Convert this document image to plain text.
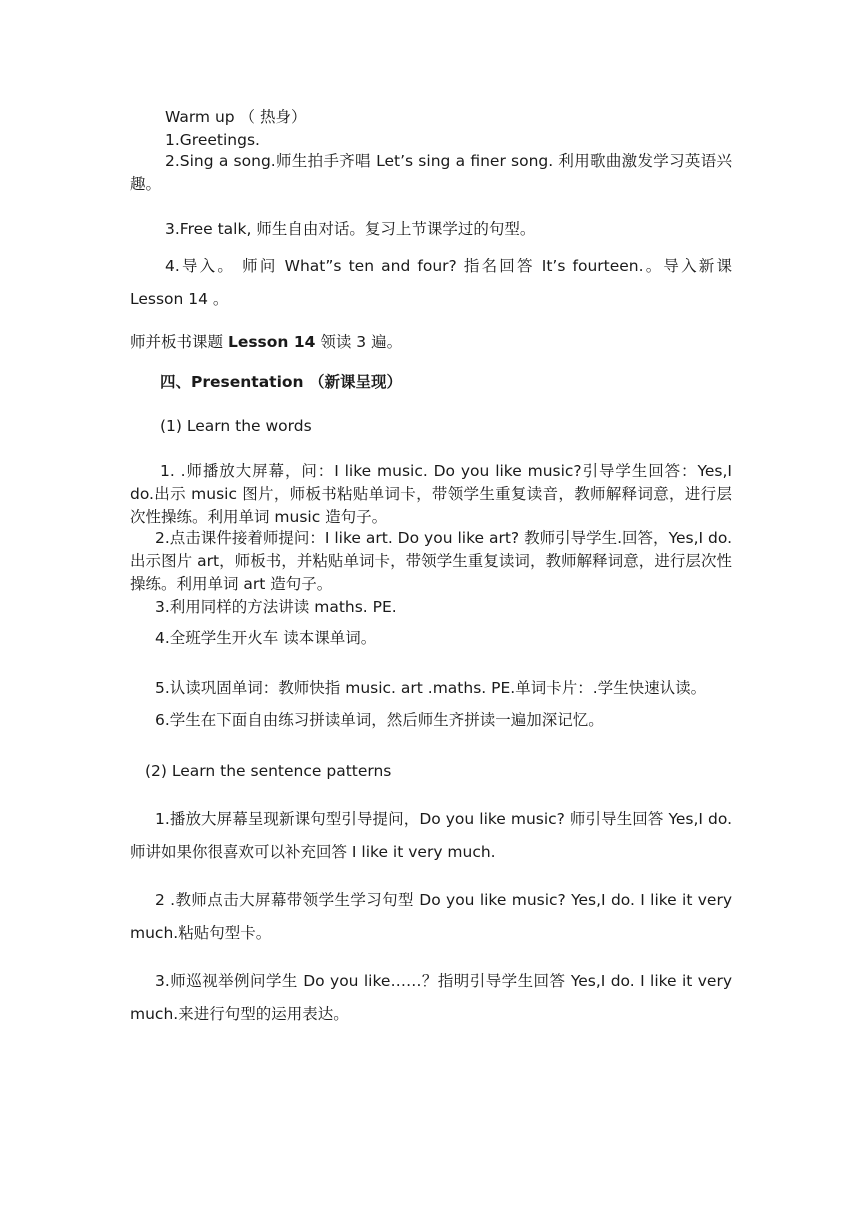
Warm up （ 热身）
1.Greetings.
2.Sing a song.师生拍手齐唱 Let’s sing a finer song. 利用歌曲激发学习英语兴趣。
3.Free talk, 师生自由对话。复习上节课学过的句型。
4.导入。 师问 What”s ten and four? 指名回答 It’s fourteen.。导入新课 Lesson 14 。
师并板书课题 Lesson 14 领读 3 遍。
四、Presentation （新课呈现）
(1) Learn the words
1. .师播放大屏幕，问：I like music. Do you like music?引导学生回答：Yes,I do.出示 music 图片，师板书粘贴单词卡，带领学生重复读音，教师解释词意，进行层次性操练。利用单词 music 造句子。
2.点击课件接着师提问：I like art. Do you like art? 教师引导学生.回答，Yes,I do.出示图片 art，师板书，并粘贴单词卡，带领学生重复读词，教师解释词意，进行层次性操练。利用单词 art 造句子。
3.利用同样的方法讲读 maths. PE.
4.全班学生开火车 读本课单词。
5.认读巩固单词：教师快指 music. art .maths. PE.单词卡片：.学生快速认读。
6.学生在下面自由练习拼读单词，然后师生齐拼读一遍加深记忆。
(2) Learn the sentence patterns
1.播放大屏幕呈现新课句型引导提问，Do you like music? 师引导生回答 Yes,I do.师讲如果你很喜欢可以补充回答 I like it very much.
2 .教师点击大屏幕带领学生学习句型 Do you like music? Yes,I do. I like it very much.粘贴句型卡。
3.师巡视举例问学生 Do you like……？指明引导学生回答 Yes,I do. I like it very much.来进行句型的运用表达。
